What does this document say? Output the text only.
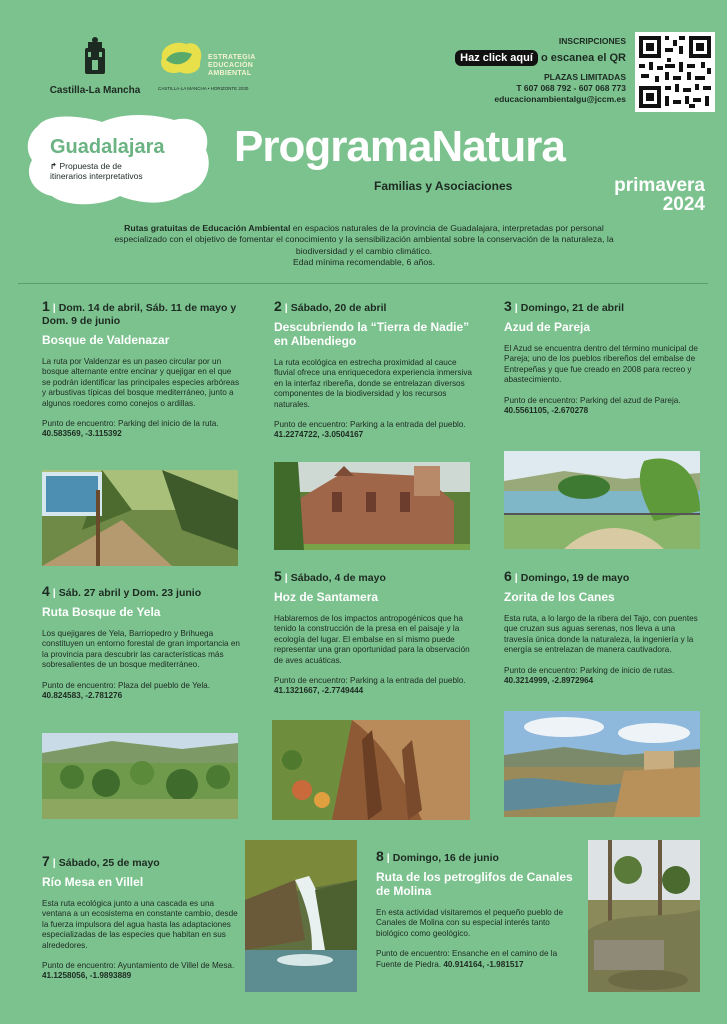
Castilla-La Mancha
ESTRATEGIA
EDUCACIÓN
AMBIENTAL
CASTILLA-LA MANCHA • HORIZONTE 2030
INSCRIPCIONES
Haz click aquí o escanea el QR
PLAZAS LIMITADAS
T 607 068 792 - 607 068 773
educacionambientalgu@jccm.es
Guadalajara
↱ Propuesta de de itinerarios interpretativos
ProgramaNatura
Familias y Asociaciones	primavera
2024
Rutas gratuitas de Educación Ambiental en espacios naturales de la provincia de Guadalajara, interpretadas por personal especializado con el objetivo de fomentar el conocimiento y la sensibilización ambiental sobre la conservación de la naturaleza, la biodiversidad y el cambio climático.
Edad mínima recomendable, 6 años.
1 | Dom. 14 de abril, Sáb. 11 de mayo y Dom. 9 de junio
Bosque de Valdenazar
La ruta por Valdenzar es un paseo circular por un bosque alternante entre encinar y quejigar en el que se podrán identificar las principales especies arbóreas y arbustivas típicas del bosque mediterráneo, junto a algunos roedores como conejos o ardillas.
Punto de encuentro: Parking del inicio de la ruta. 40.583569, -3.115392
2 | Sábado, 20 de abril
Descubriendo la “Tierra de Nadie” en Albendiego
La ruta ecológica en estrecha proximidad al cauce fluvial ofrece una enriquecedora experiencia inmersiva en la interfaz ribereña, donde se entrelazan diversos componentes de la biodiversidad y los recursos naturales.
Punto de encuentro: Parking a la entrada del pueblo. 41.2274722, -3.0504167
3 | Domingo, 21 de abril
Azud de Pareja
El Azud se encuentra dentro del término municipal de Pareja; uno de los pueblos ribereños del embalse de Entrepeñas y que fue creado en 2008 para recreo y abastecimiento.
Punto de encuentro: Parking del azud de Pareja. 40.5561105, -2.670278
4 | Sáb. 27 abril y Dom. 23 junio
Ruta Bosque de Yela
Los quejigares de Yela, Barriopedro y Brihuega constituyen un entorno forestal de gran importancia en la provincia para descubrir las características más sobresalientes de un bosque mediterráneo.
Punto de encuentro: Plaza del pueblo de Yela. 40.824583, -2.781276
5 | Sábado, 4 de mayo
Hoz de Santamera
Hablaremos de los impactos antropogénicos que ha tenido la construcción de la presa en el paisaje y la ecología del lugar. El embalse en sí mismo puede representar una gran oportunidad para la observación de aves acuáticas.
Punto de encuentro: Parking a la entrada del pueblo. 41.1321667, -2.7749444
6 | Domingo, 19 de mayo
Zorita de los Canes
Esta ruta, a lo largo de la ribera del Tajo, con puentes que cruzan sus aguas serenas, nos lleva a una travesía única donde la naturaleza, la ingeniería y la energía se entrelazan de manera cautivadora.
Punto de encuentro: Parking de inicio de rutas. 40.3214999, -2.8972964
7 | Sábado, 25 de mayo
Río Mesa en Villel
Esta ruta ecológica junto a una cascada es una ventana a un ecosistema en constante cambio, desde la fuerza impulsora del agua hasta las adaptaciones especializadas de las especies que habitan en sus alrededores.
Punto de encuentro: Ayuntamiento de Villel de Mesa. 41.1258056, -1.9893889
8 | Domingo, 16 de junio
Ruta de los petroglifos de Canales de Molina
En esta actividad visitaremos el pequeño pueblo de Canales de Molina con su especial interés tanto biológico como geológico.
Punto de encuentro: Ensanche en el camino de la Fuente de Piedra. 40.914164, -1.981517
